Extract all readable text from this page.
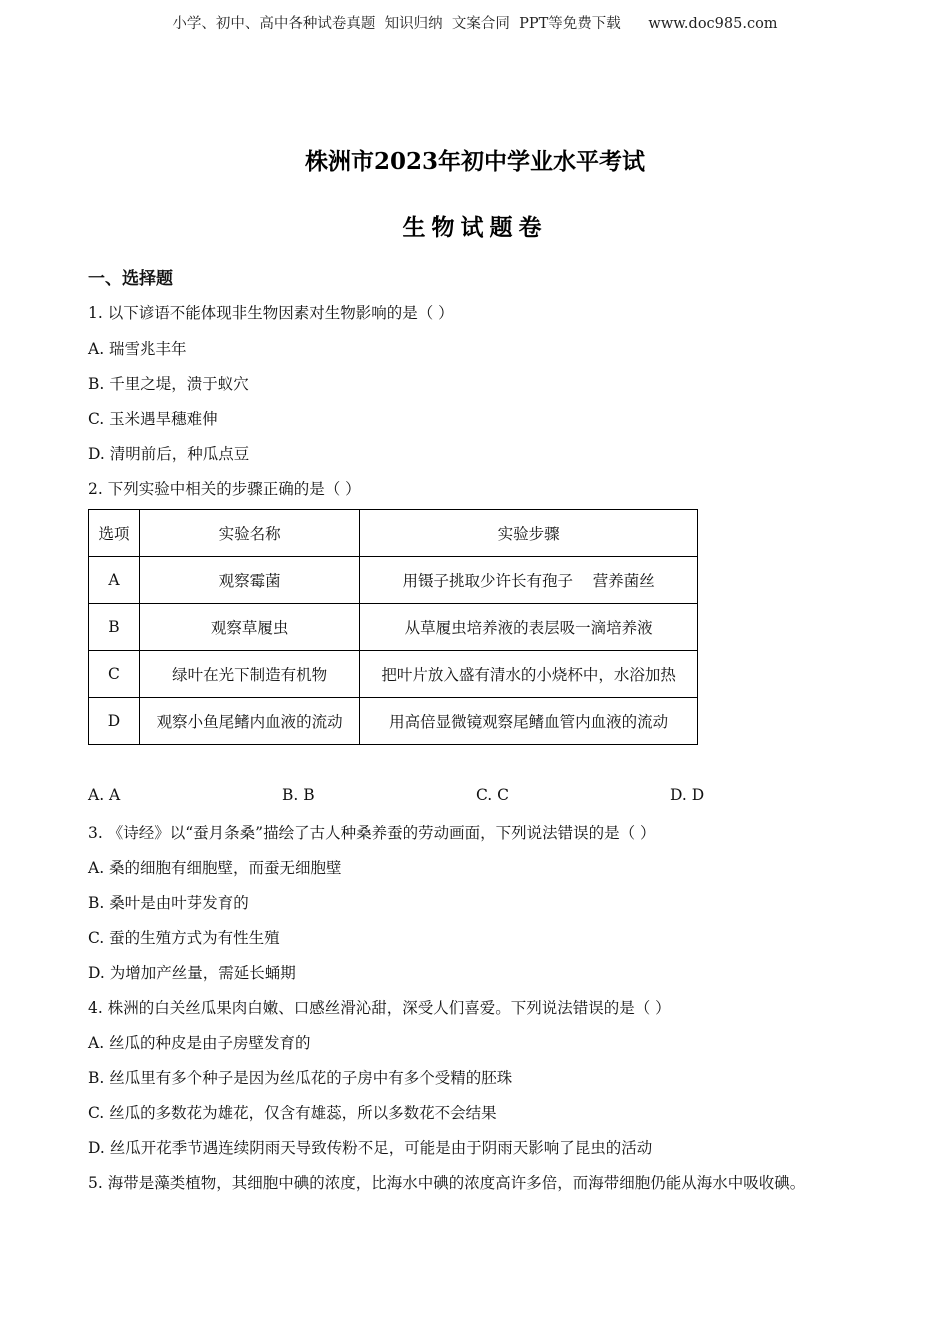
小学、初中、高中各种试卷真题  知识归纳  文案合同  PPT等免费下载      www.doc985.com
株洲市2023年初中学业水平考试
生物试题卷
一、选择题
1. 以下谚语不能体现非生物因素对生物影响的是（ ）
A. 瑞雪兆丰年
B. 千里之堤，溃于蚁穴
C. 玉米遇旱穗难伸
D. 清明前后，种瓜点豆
2. 下列实验中相关的步骤正确的是（ ）
选项	实验名称	实验步骤
A	观察霉菌	用镊子挑取少许长有孢子    营养菌丝
B	观察草履虫	从草履虫培养液的表层吸一滴培养液
C	绿叶在光下制造有机物	把叶片放入盛有清水的小烧杯中，水浴加热
D	观察小鱼尾鳍内血液的流动	用高倍显微镜观察尾鳍血管内血液的流动
A. A	B. B	C. C	D. D
3. 《诗经》以“蚕月条桑”描绘了古人种桑养蚕的劳动画面，下列说法错误的是（ ）
A. 桑的细胞有细胞壁，而蚕无细胞壁
B. 桑叶是由叶芽发育的
C. 蚕的生殖方式为有性生殖
D. 为增加产丝量，需延长蛹期
4. 株洲的白关丝瓜果肉白嫩、口感丝滑沁甜，深受人们喜爱。下列说法错误的是（ ）
A. 丝瓜的种皮是由子房壁发育的
B. 丝瓜里有多个种子是因为丝瓜花的子房中有多个受精的胚珠
C. 丝瓜的多数花为雄花，仅含有雄蕊，所以多数花不会结果
D. 丝瓜开花季节遇连续阴雨天导致传粉不足，可能是由于阴雨天影响了昆虫的活动
5. 海带是藻类植物，其细胞中碘的浓度，比海水中碘的浓度高许多倍，而海带细胞仍能从海水中吸收碘。
